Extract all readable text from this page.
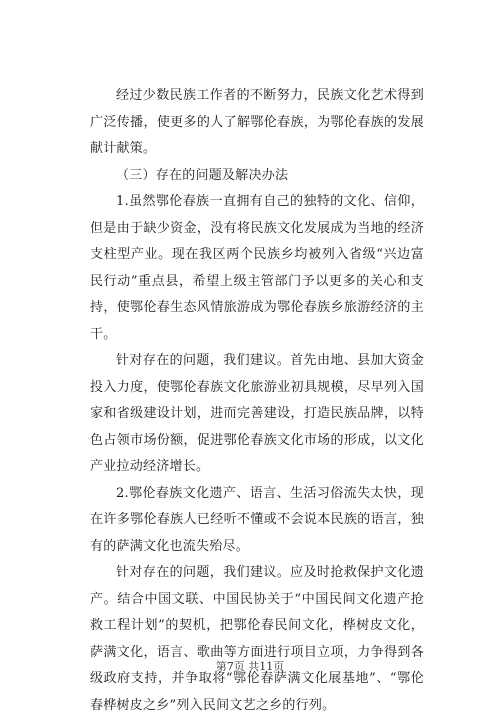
经过少数民族工作者的不断努力，民族文化艺术得到广泛传播，使更多的人了解鄂伦春族，为鄂伦春族的发展献计献策。

（三）存在的问题及解决办法

1.虽然鄂伦春族一直拥有自己的独特的文化、信仰，但是由于缺少资金，没有将民族文化发展成为当地的经济支柱型产业。现在我区两个民族乡均被列入省级“兴边富民行动”重点县，希望上级主管部门予以更多的关心和支持，使鄂伦春生态风情旅游成为鄂伦春族乡旅游经济的主干。

针对存在的问题，我们建议。首先由地、县加大资金投入力度，使鄂伦春族文化旅游业初具规模，尽早列入国家和省级建设计划，进而完善建设，打造民族品牌，以特色占领市场份额，促进鄂伦春族文化市场的形成，以文化产业拉动经济增长。

2.鄂伦春族文化遗产、语言、生活习俗流失太快，现在许多鄂伦春族人已经听不懂或不会说本民族的语言，独有的萨满文化也流失殆尽。

针对存在的问题，我们建议。应及时抢救保护文化遗产。结合中国文联、中国民协关于“中国民间文化遗产抢救工程计划”的契机，把鄂伦春民间文化，桦树皮文化，萨满文化，语言、歌曲等方面进行项目立项，力争得到各级政府支持，并争取将“鄂伦春萨满文化展基地”、“鄂伦春桦树皮之乡”列入民间文艺之乡的行列。

第7页 共11页
